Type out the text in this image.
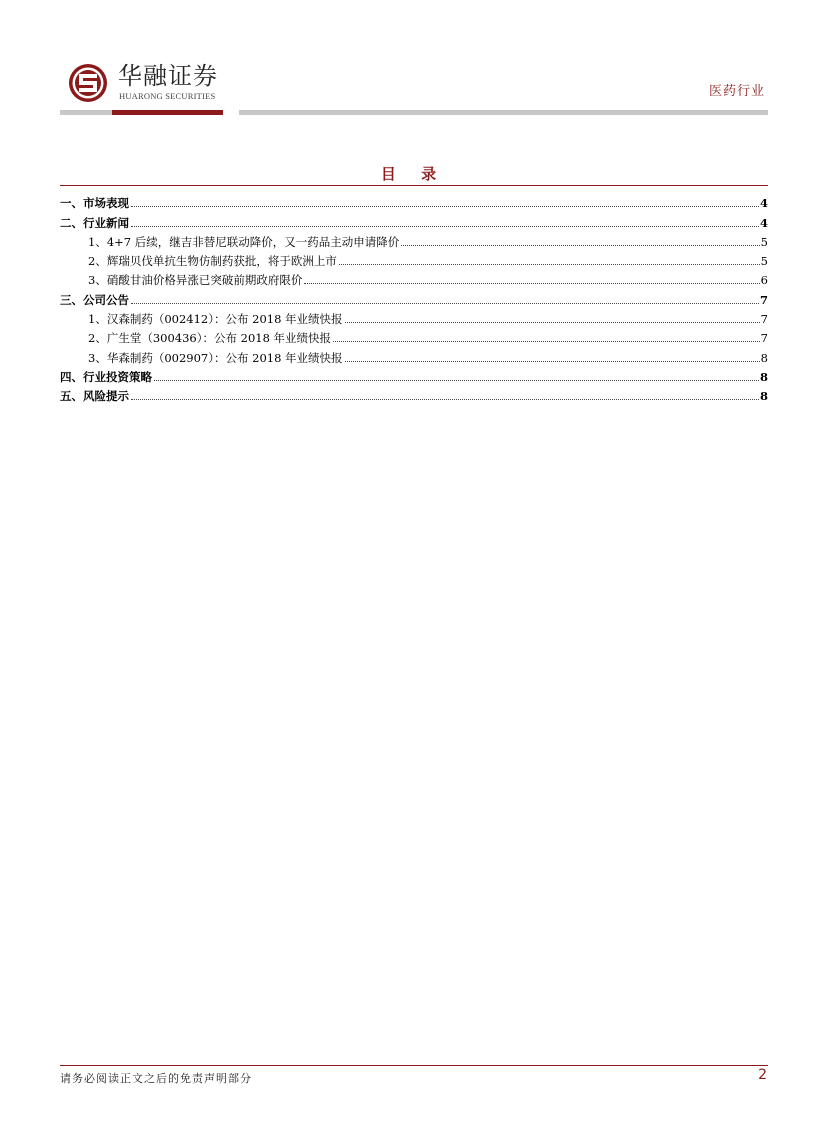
华融证券
HUARONG SECURITIES	医药行业
目 录
一、市场表现	4
二、行业新闻	4
1、4+7 后续，继吉非替尼联动降价，又一药品主动申请降价	5
2、辉瑞贝伐单抗生物仿制药获批，将于欧洲上市	5
3、硝酸甘油价格异涨已突破前期政府限价	6
三、公司公告	7
1、汉森制药（002412）：公布 2018 年业绩快报	7
2、广生堂（300436）：公布 2018 年业绩快报	7
3、华森制药（002907）：公布 2018 年业绩快报	8
四、行业投资策略	8
五、风险提示	8
请务必阅读正文之后的免责声明部分	2
